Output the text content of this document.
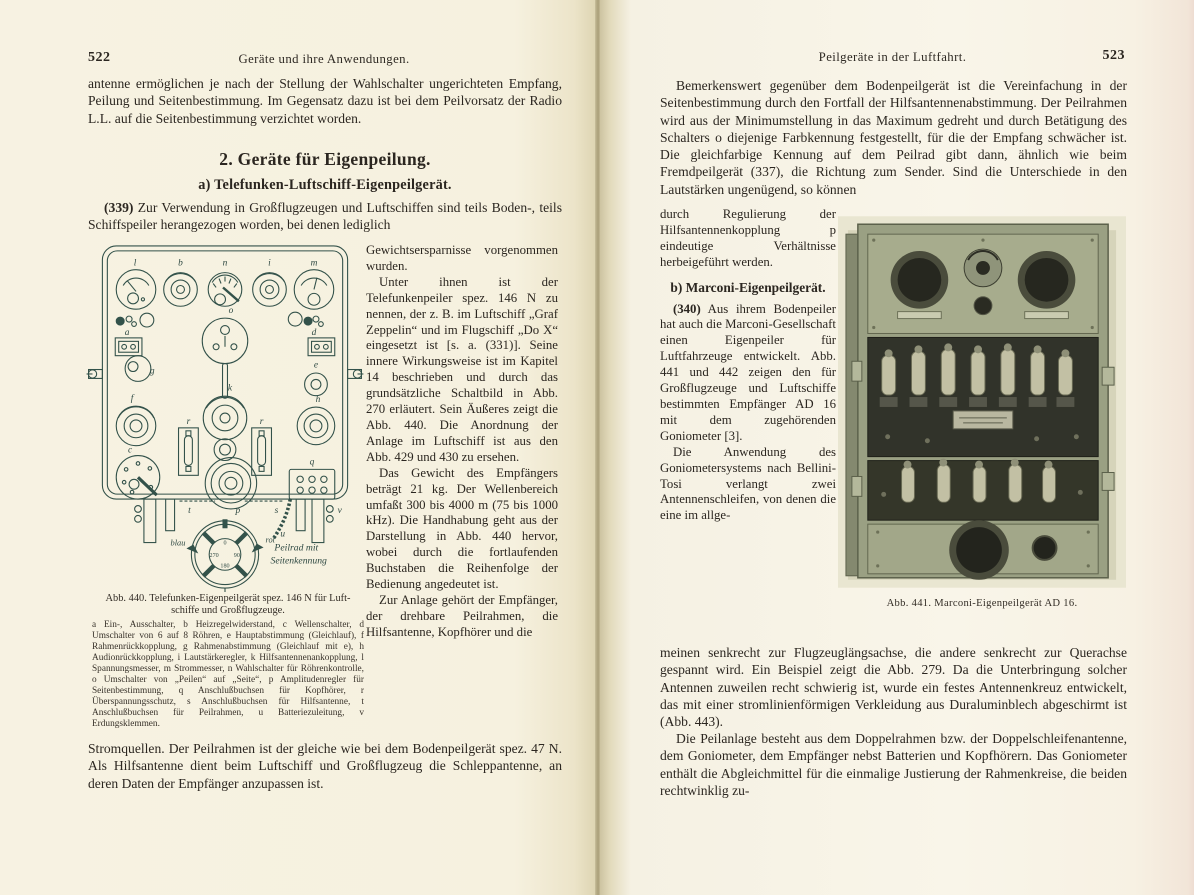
522	Geräte und ihre Anwendungen.
antenne ermöglichen je nach der Stellung der Wahlschalter ungerichteten Empfang, Peilung und Seitenbestimmung. Im Gegensatz dazu ist bei dem Peilvorsatz der Radio L.L. auf die Seitenbestimmung verzichtet worden.
2. Geräte für Eigenpeilung.
a) Telefunken-Luftschiff-Eigenpeilgerät.
(339) Zur Verwendung in Großflugzeugen und Luftschiffen sind teils Boden-, teils Schiffspeiler herangezogen worden, bei denen lediglich
l	b	n	i	m
a	d
o
g
e
f
k
h
r	r
c
p
q
t	s
u
v
blau	rot
0
270 90
180
Peilrad mit
Seitenkennung
Abb. 440. Telefunken-Eigenpeilgerät spez. 146 N für Luft-
schiffe und Großflugzeuge.
a Ein-, Ausschalter, b Heizregelwiderstand, c Wellenschalter, d Umschalter von 6 auf 8 Röhren, e Hauptabstimmung (Gleichlauf), f Rahmenrückkopplung, g Rahmenabstimmung (Gleichlauf mit e), h Audionrückkopplung, i Lautstärkeregler, k Hilfsantennenankopplung, l Spannungsmesser, m Strommesser, n Wahlschalter für Röhrenkontrolle, o Umschalter von „Peilen“ auf „Seite“, p Amplitudenregler für Seitenbestimmung, q Anschlußbuchsen für Kopfhörer, r Überspannungsschutz, s Anschlußbuchsen für Hilfsantenne, t Anschlußbuchsen für Peilrahmen, u Batteriezuleitung, v Erdungsklemmen.

Gewichtsersparnisse vorgenommen wurden.

Unter ihnen ist der Telefunkenpeiler spez. 146 N zu nennen, der z. B. im Luftschiff „Graf Zeppelin“ und im Flugschiff „Do X“ eingesetzt ist [s. a. (331)]. Seine innere Wirkungsweise ist im Kapitel 14 beschrieben und durch das grundsätzliche Schaltbild in Abb. 270 erläutert. Sein Äußeres zeigt die Abb. 440. Die Anordnung der Anlage im Luftschiff ist aus den Abb. 429 und 430 zu ersehen.

Das Gewicht des Empfängers beträgt 21 kg. Der Wellenbereich umfaßt 300 bis 4000 m (75 bis 1000 kHz). Die Handhabung geht aus der Darstellung in Abb. 440 hervor, wobei durch die fortlaufenden Buchstaben die Reihenfolge der Bedienung angedeutet ist.

Zur Anlage gehört der Empfänger, der drehbare Peilrahmen, die Hilfsantenne, Kopfhörer und die

Stromquellen. Der Peilrahmen ist der gleiche wie bei dem Bodenpeilgerät spez. 47 N. Als Hilfsantenne dient beim Luftschiff und Großflugzeug die Schleppantenne, an deren Daten der Empfänger anzupassen ist.
Peilgeräte in der Luftfahrt.	523
Bemerkenswert gegenüber dem Bodenpeilgerät ist die Vereinfachung in der Seitenbestimmung durch den Fortfall der Hilfsantennenabstimmung. Der Peilrahmen wird aus der Minimumstellung in das Maximum gedreht und durch Betätigung des Schalters o diejenige Farbkennung festgestellt, für die der Empfang schwächer ist. Die gleichfarbige Kennung auf dem Peilrad gibt dann, ähnlich wie beim Fremdpeilgerät (337), die Richtung zum Sender. Sind die Unterschiede in den Lautstärken ungenügend, so können

durch Regulierung der Hilfsantennenkopplung p eindeutige Verhältnisse herbeigeführt werden.

b) Marconi-Eigenpeilgerät.

(340) Aus ihrem Bodenpeiler hat auch die Marconi-Gesellschaft einen Eigenpeiler für Luftfahrzeuge entwickelt. Abb. 441 und 442 zeigen den für Großflugzeuge und Luftschiffe bestimmten Empfänger AD 16 mit dem zugehörenden Goniometer [3].

Die Anwendung des Goniometersystems nach Bellini-Tosi verlangt zwei Antennenschleifen, von denen die eine im allge-

Abb. 441. Marconi-Eigenpeilgerät AD 16.
meinen senkrecht zur Flugzeuglängsachse, die andere senkrecht zur Querachse gespannt wird. Ein Beispiel zeigt die Abb. 279. Da die Unterbringung solcher Antennen zuweilen recht schwierig ist, wurde ein festes Antennenkreuz entwickelt, das mit einer stromlinienförmigen Verkleidung aus Duraluminblech abgeschirmt ist (Abb. 443).
Die Peilanlage besteht aus dem Doppelrahmen bzw. der Doppelschleifenantenne, dem Goniometer, dem Empfänger nebst Batterien und Kopfhörern. Das Goniometer enthält die Abgleichmittel für die einmalige Justierung der Rahmenkreise, die beiden rechtwinklig zu-
